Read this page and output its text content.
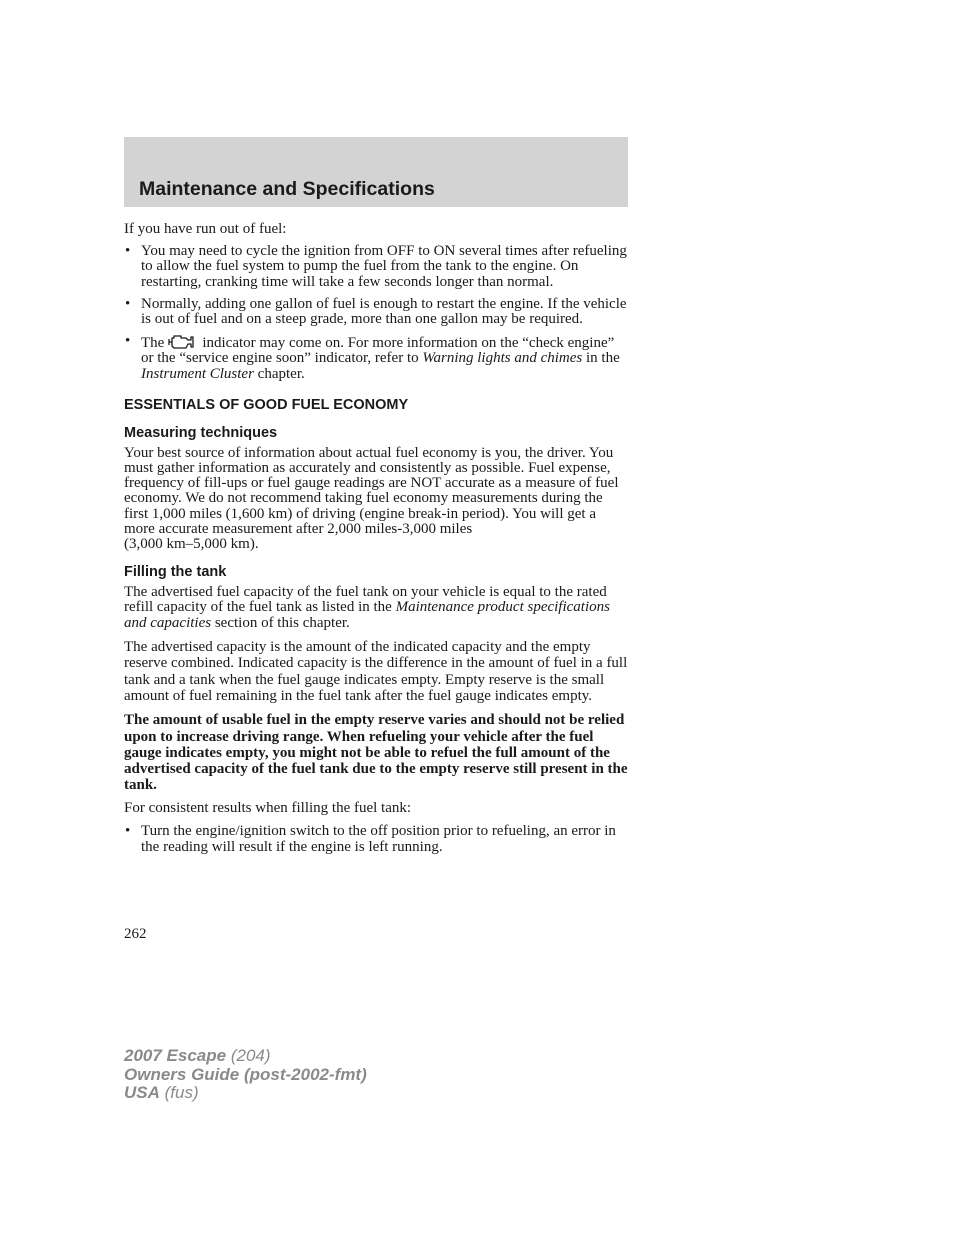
Maintenance and Specifications

If you have run out of fuel:

• You may need to cycle the ignition from OFF to ON several times after refueling to allow the fuel system to pump the fuel from the tank to the engine. On restarting, cranking time will take a few seconds longer than normal.
• Normally, adding one gallon of fuel is enough to restart the engine. If the vehicle is out of fuel and on a steep grade, more than one gallon may be required.
• The	indicator may come on. For more information on the “check engine” or the “service engine soon” indicator, refer to Warning lights and chimes in the Instrument Cluster chapter.
ESSENTIALS OF GOOD FUEL ECONOMY
Measuring techniques

Your best source of information about actual fuel economy is you, the driver. You must gather information as accurately and consistently as possible. Fuel expense, frequency of fill-ups or fuel gauge readings are NOT accurate as a measure of fuel economy. We do not recommend taking fuel economy measurements during the first 1,000 miles (1,600 km) of driving (engine break-in period). You will get a more accurate measurement after 2,000 miles-3,000 miles
(3,000 km–5,000 km).

Filling the tank

The advertised fuel capacity of the fuel tank on your vehicle is equal to the rated refill capacity of the fuel tank as listed in the Maintenance product specifications and capacities section of this chapter.

The advertised capacity is the amount of the indicated capacity and the empty reserve combined. Indicated capacity is the difference in the amount of fuel in a full tank and a tank when the fuel gauge indicates empty. Empty reserve is the small amount of fuel remaining in the fuel tank after the fuel gauge indicates empty.

The amount of usable fuel in the empty reserve varies and should not be relied upon to increase driving range. When refueling your vehicle after the fuel gauge indicates empty, you might not be able to refuel the full amount of the advertised capacity of the fuel tank due to the empty reserve still present in the tank.

For consistent results when filling the fuel tank:

• Turn the engine/ignition switch to the off position prior to refueling, an error in the reading will result if the engine is left running.
262
2007 Escape (204)
Owners Guide (post-2002-fmt)
USA (fus)
